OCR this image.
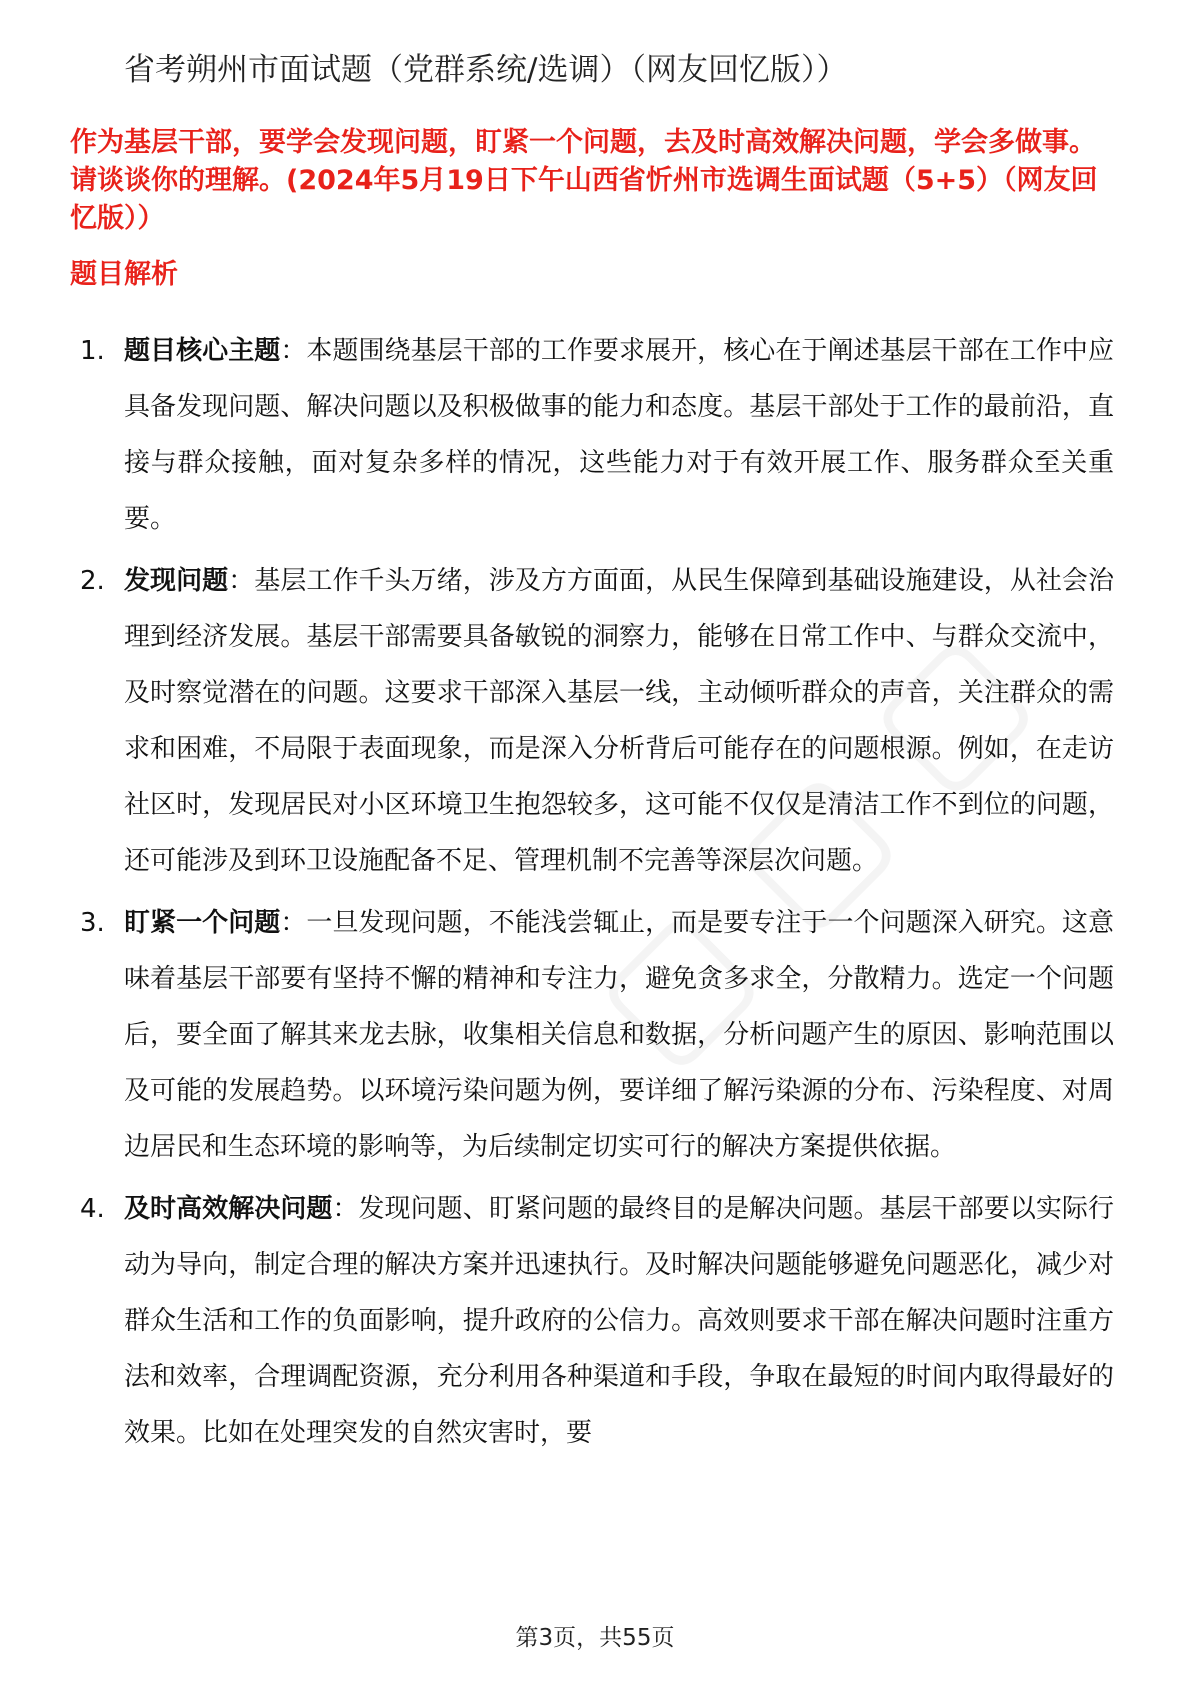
省考朔州市面试题（党群系统/选调）（网友回忆版））
作为基层干部，要学会发现问题，盯紧一个问题，去及时高效解决问题，学会多做事。请谈谈你的理解。(2024年5月19日下午山西省忻州市选调生面试题（5+5）（网友回忆版））
题目解析
1. 题目核心主题：本题围绕基层干部的工作要求展开，核心在于阐述基层干部在工作中应具备发现问题、解决问题以及积极做事的能力和态度。基层干部处于工作的最前沿，直接与群众接触，面对复杂多样的情况，这些能力对于有效开展工作、服务群众至关重要。
2. 发现问题：基层工作千头万绪，涉及方方面面，从民生保障到基础设施建设，从社会治理到经济发展。基层干部需要具备敏锐的洞察力，能够在日常工作中、与群众交流中，及时察觉潜在的问题。这要求干部深入基层一线，主动倾听群众的声音，关注群众的需求和困难，不局限于表面现象，而是深入分析背后可能存在的问题根源。例如，在走访社区时，发现居民对小区环境卫生抱怨较多，这可能不仅仅是清洁工作不到位的问题，还可能涉及到环卫设施配备不足、管理机制不完善等深层次问题。
3. 盯紧一个问题：一旦发现问题，不能浅尝辄止，而是要专注于一个问题深入研究。这意味着基层干部要有坚持不懈的精神和专注力，避免贪多求全，分散精力。选定一个问题后，要全面了解其来龙去脉，收集相关信息和数据，分析问题产生的原因、影响范围以及可能的发展趋势。以环境污染问题为例，要详细了解污染源的分布、污染程度、对周边居民和生态环境的影响等，为后续制定切实可行的解决方案提供依据。
4. 及时高效解决问题：发现问题、盯紧问题的最终目的是解决问题。基层干部要以实际行动为导向，制定合理的解决方案并迅速执行。及时解决问题能够避免问题恶化，减少对群众生活和工作的负面影响，提升政府的公信力。高效则要求干部在解决问题时注重方法和效率，合理调配资源，充分利用各种渠道和手段，争取在最短的时间内取得最好的效果。比如在处理突发的自然灾害时，要
第3页，共55页
